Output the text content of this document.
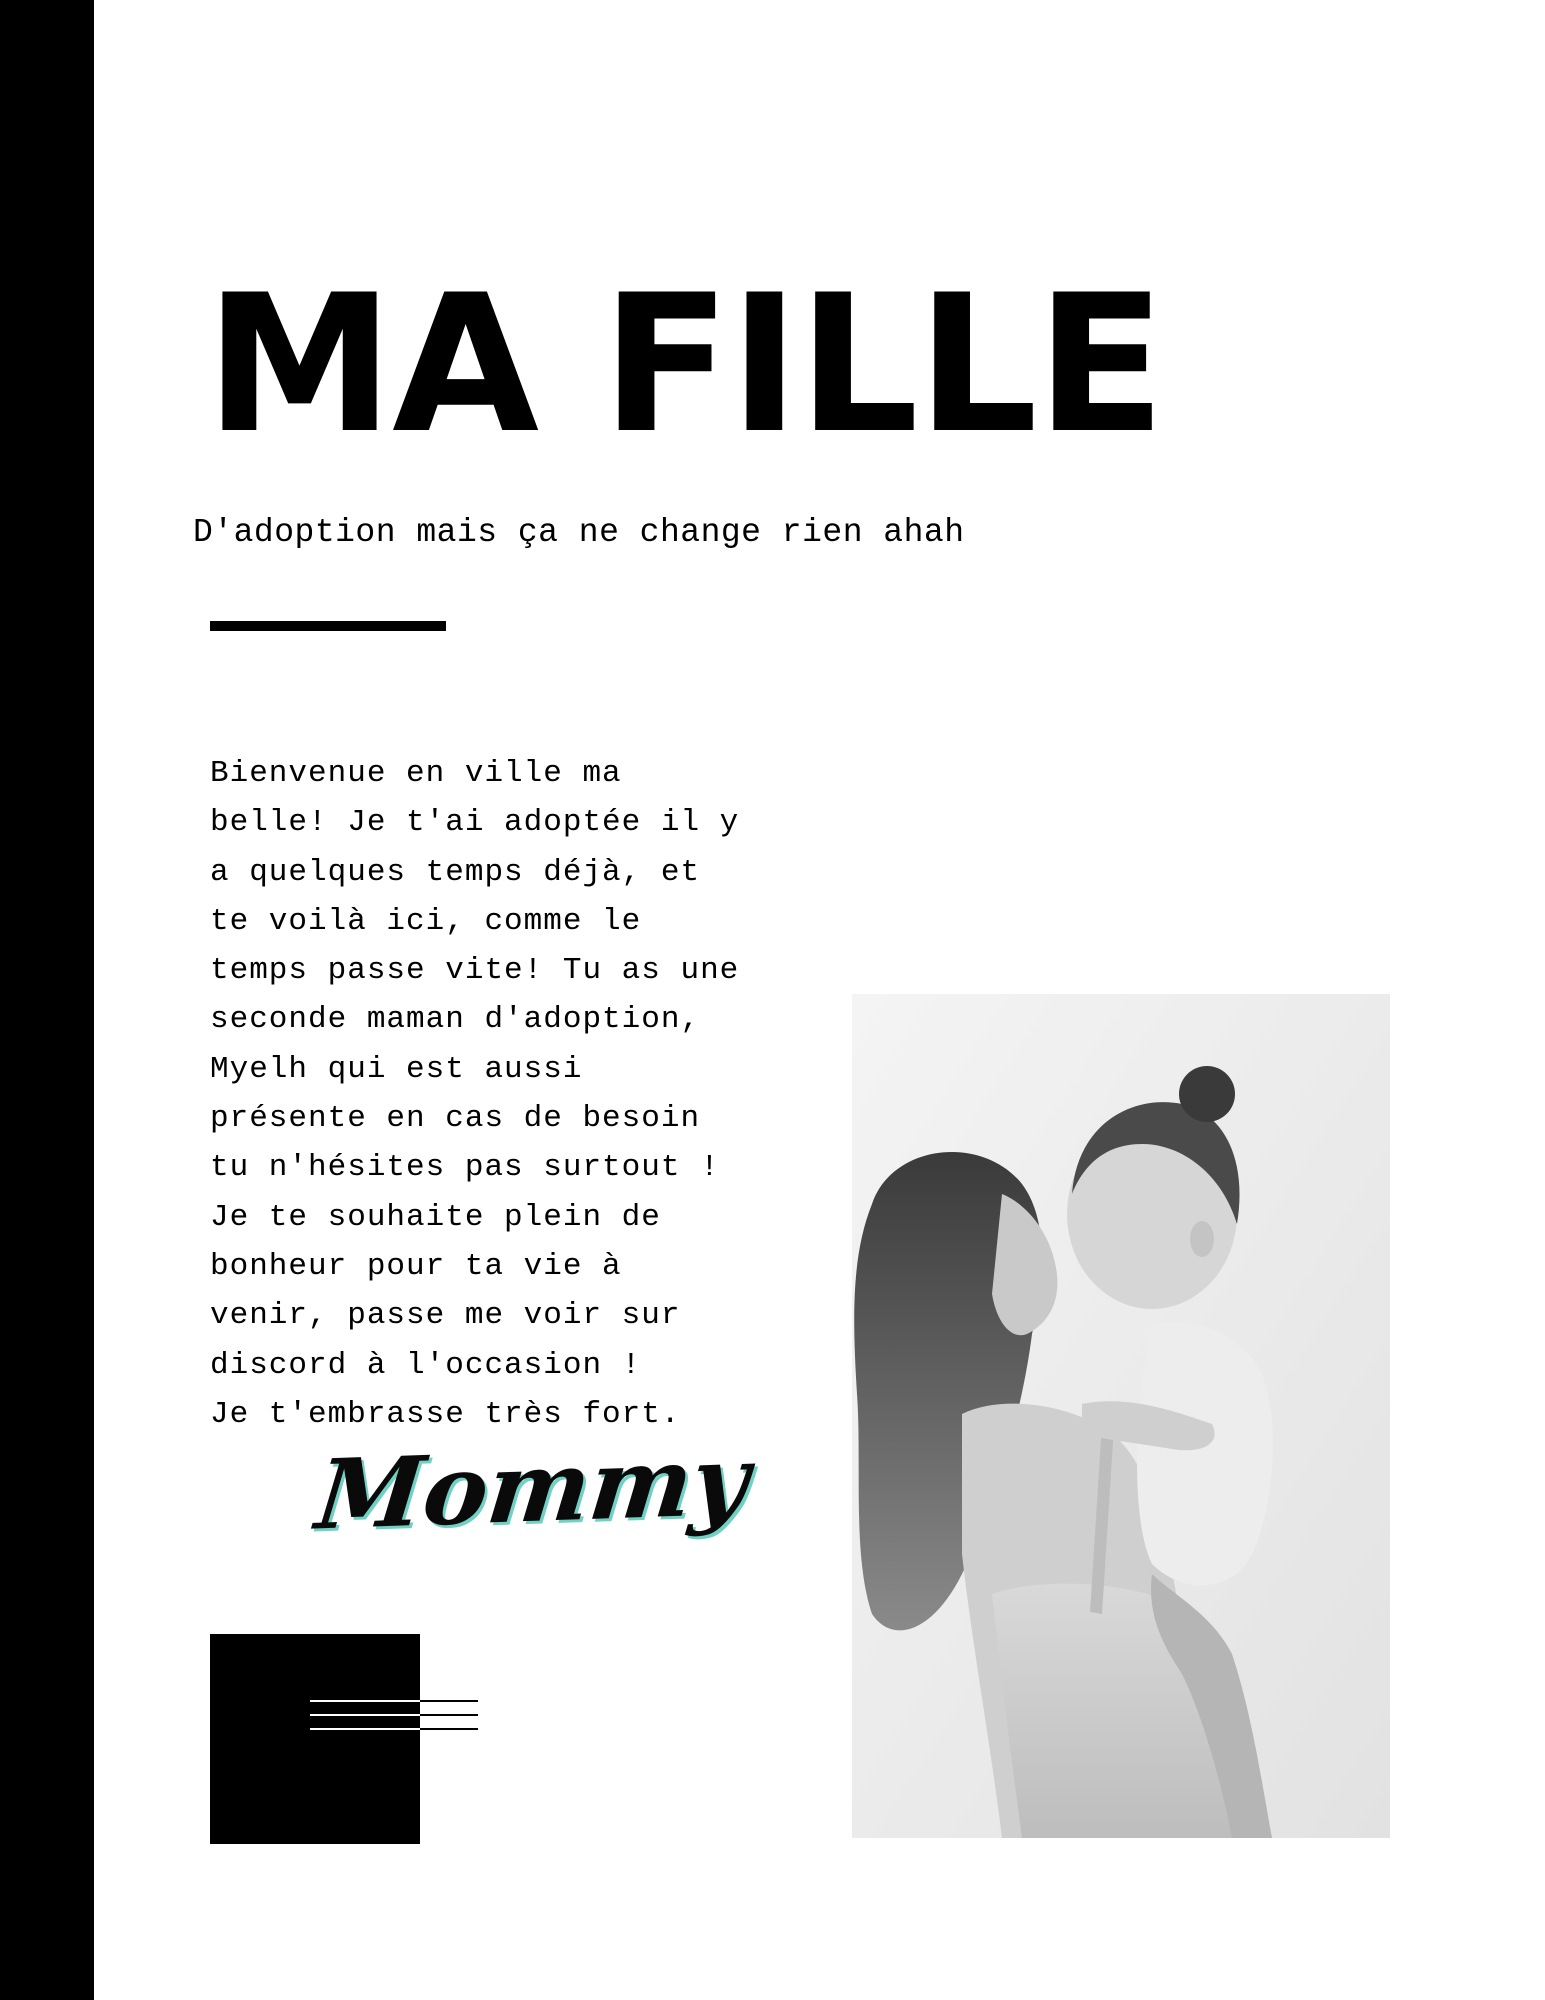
MA FILLE

D'adoption mais ça ne change rien ahah

Bienvenue en ville ma
belle! Je t'ai adoptée il y
a quelques temps déjà, et
te voilà ici, comme le
temps passe vite! Tu as une
seconde maman d'adoption,
Myelh qui est aussi
présente en cas de besoin
tu n'hésites pas surtout !
Je te souhaite plein de
bonheur pour ta vie à
venir, passe me voir sur
discord à l'occasion !
Je t'embrasse très fort.

Mommy
